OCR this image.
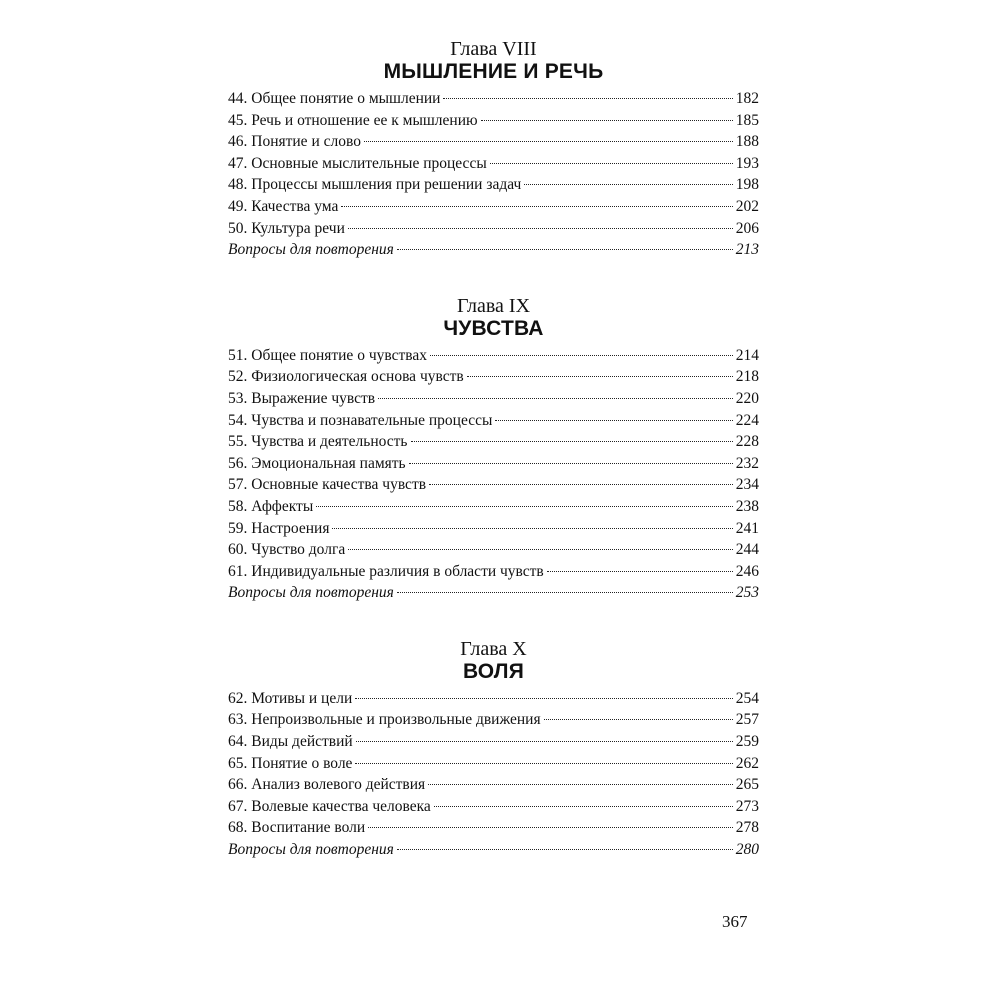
Глава VIII
МЫШЛЕНИЕ И РЕЧЬ
44. Общее понятие о мышлении	182
45. Речь и отношение ее к мышлению	185
46. Понятие и слово	188
47. Основные мыслительные процессы	193
48. Процессы мышления при решении задач	198
49. Качества ума	202
50. Культура речи	206
Вопросы для повторения	213
Глава IX
ЧУВСТВА
51. Общее понятие о чувствах	214
52. Физиологическая основа чувств	218
53. Выражение чувств	220
54. Чувства и познавательные процессы	224
55. Чувства и деятельность	228
56. Эмоциональная память	232
57. Основные качества чувств	234
58. Аффекты	238
59. Настроения	241
60. Чувство долга	244
61. Индивидуальные различия в области чувств	246
Вопросы для повторения	253
Глава X
ВОЛЯ
62. Мотивы и цели	254
63. Непроизвольные и произвольные движения	257
64. Виды действий	259
65. Понятие о воле	262
66. Анализ волевого действия	265
67. Волевые качества человека	273
68. Воспитание воли	278
Вопросы для повторения	280
367
